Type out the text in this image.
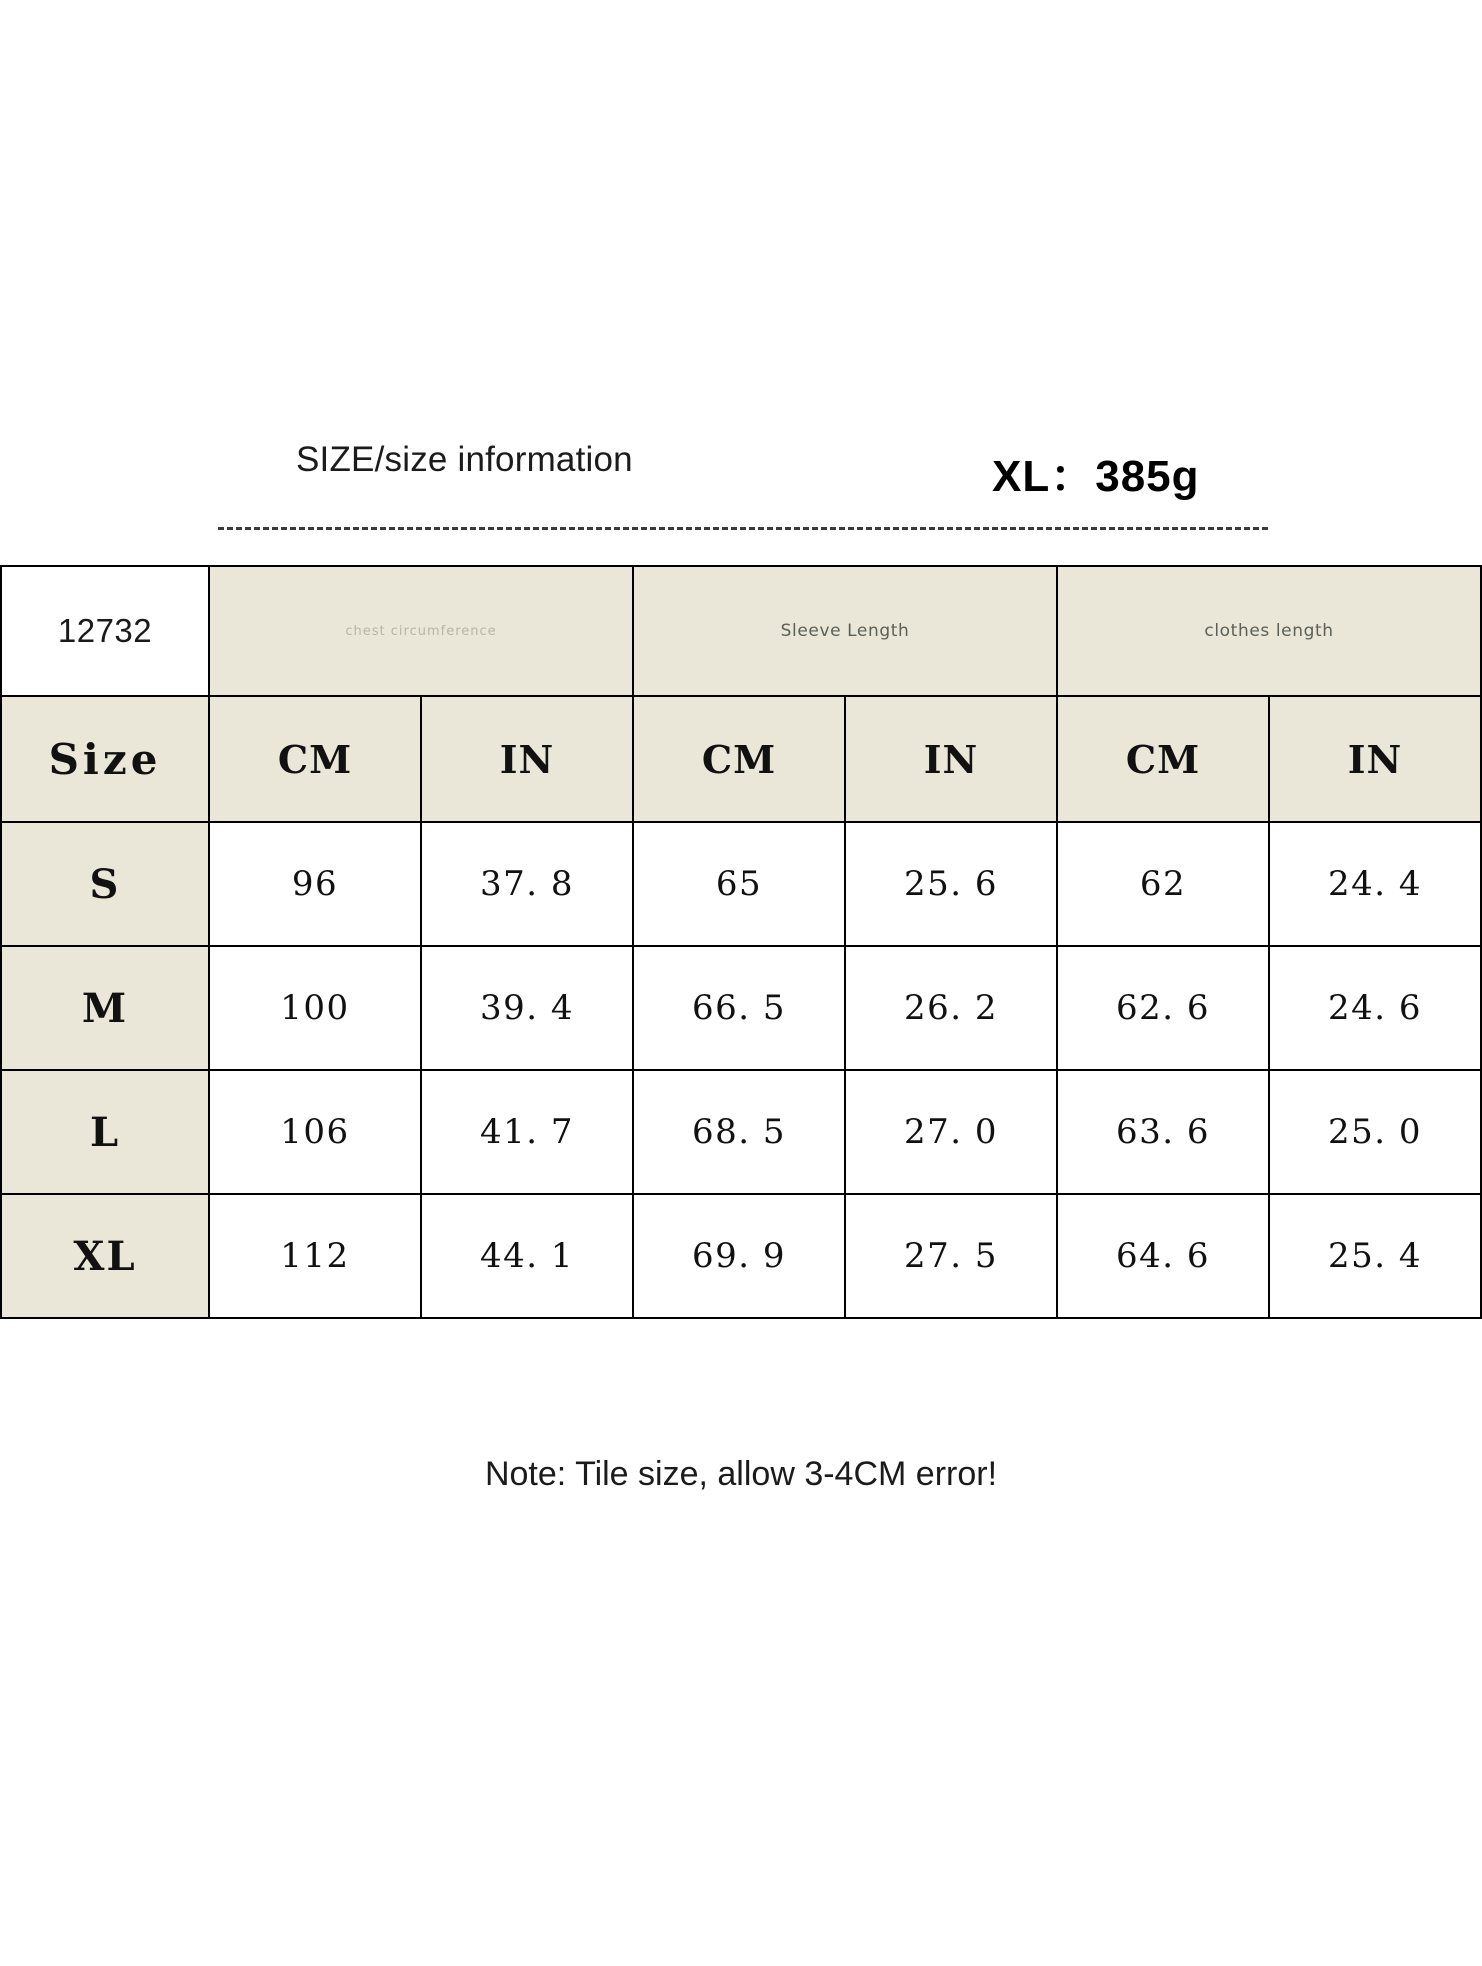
SIZE/size information	XL：385g
12732	chest circumference		Sleeve Length		clothes length	

Size	CM	IN	CM	IN	CM	IN
S	96	37. 8	65	25. 6	62	24. 4
M	100	39. 4	66. 5	26. 2	62. 6	24. 6
L	106	41. 7	68. 5	27. 0	63. 6	25. 0
XL	112	44. 1	69. 9	27. 5	64. 6	25. 4
Note: Tile size, allow 3-4CM error!
